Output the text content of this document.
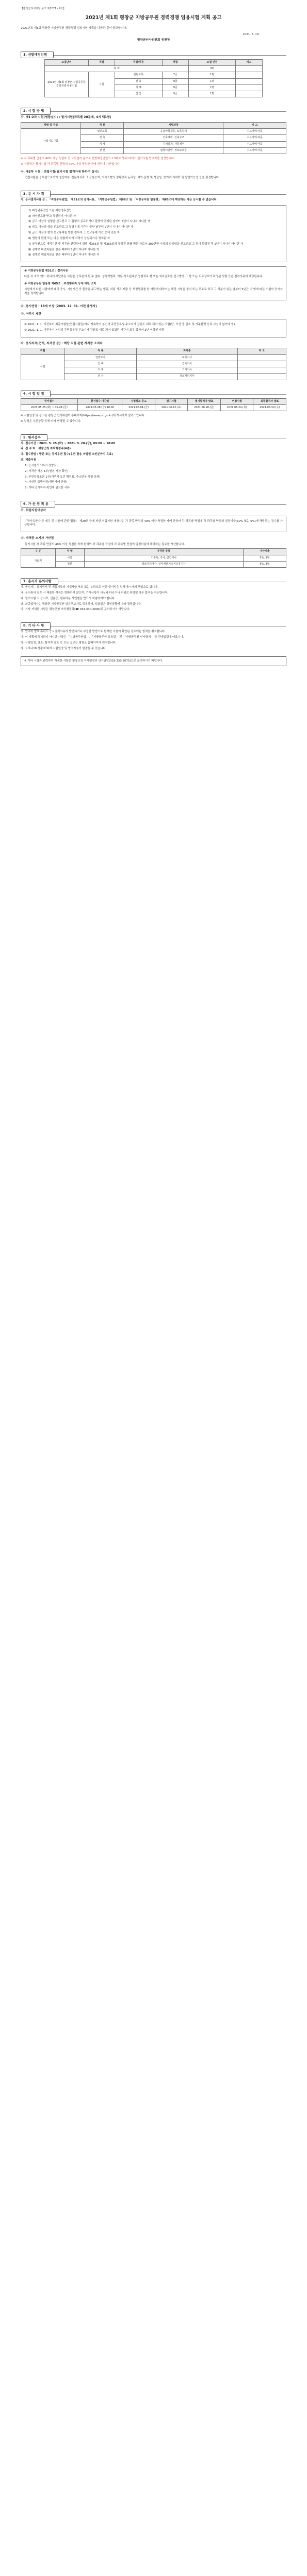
【평창군지식재단 공고 제2021 - 9호】
2021년 제1회 평창군 지방공무원 경력경쟁 임용시험 계획 공고
2021년도 제1회 평창군 지방공무원 경력경쟁 임용시험 계획을 다음과 같이 공고합니다.
2021. 5. 10.
평창군인사위원회 위원장
1. 선발예정인원
모집단위	직렬	직렬/직류	직급	모집 인원	비고
총 계				4명	
2021년 제1회 평창군 지방공무원 경력경쟁 임용시험	시설	일반토목	7급	1명	
		건 축	9급	1명	
		기 계	9급	1명	
		전 산	9급	1명	
2. 시 험 방 법
가. 제1·2차 시험(병합실시) : 필기시험(과목별 20문제, 4지 택1형)
직렬 및 직급	직 류	시험과목	비 고
사업지도 7급	일반토목	응용역학개론, 토목설계	수요자에 따름
	건 축	건축계획, 건축구조	수요자에 따름
	기 계	기계설계, 자동제어	수요자에 따름
	전 산	컴퓨터일반, 정보보호론	수요자에 따름
※ 각 과목별 만점의 40% 이상 득점자 중 고득점자 순으로 선발예정인원의 1.5배수 범위 내에서 필기시험 합격자를 결정합니다.
※ 가산점은 필기시험 각 과목별 만점의 40% 이상 득점한 자에 한하여 가산합니다.
나. 제3차 시험 : 면접시험(필기시험 합격자에 한하여 실시)
면접시험은 공무원으로서의 정신자세, 전문지식과 그 응용능력, 의사표현의 정확성과 논리성, 예의·품행 및 성실성, 창의력·의지력 및 발전가능성 등을 평정합니다.
3. 응 시 자 격
가. 응시결격사유 등 : 「지방공무원법」 제31조의 결격사유, 「지방공무원법」 제66조 및 「지방공무원 임용령」 제65조에 해당하는 자는 응시할 수 없습니다.
1) 피성년후견인 또는 피한정후견인
2) 파산선고를 받고 복권되지 아니한 자
3) 금고 이상의 실형을 선고받고 그 집행이 종료되거나 집행이 면제된 날부터 5년이 지나지 아니한 자
4) 금고 이상의 형을 선고받고 그 집행유예 기간이 끝난 날부터 2년이 지나지 아니한 자
5) 금고 이상의 형의 선고유예를 받은 경우에 그 선고유예 기간 중에 있는 자
6) 법원의 판결 또는 다른 법률에 따라 자격이 상실되거나 정지된 자
7) 공무원으로 재직기간 중 직무와 관련하여 형법 제355조 및 제356조에 규정된 죄를 범한 자로서 300만원 이상의 벌금형을 선고받고 그 형이 확정된 후 2년이 지나지 아니한 자
8) 징계로 파면처분을 받은 때부터 5년이 지나지 아니한 자
9) 징계로 해임처분을 받은 때부터 3년이 지나지 아니한 자
※ 지방공무원법 제31조 : 결격사유
다음 각 호의 어느 하나에 해당하는 사람은 공무원이 될 수 없다. 성폭력범죄, 아동·청소년대상 성범죄로 형 또는 치료감호를 선고받아 그 형 또는 치료감호가 확정된 사람 등은 결격사유에 해당됩니다.
※ 지방공무원 임용령 제65조 : 부정행위자 등에 대한 조치
시험에서 다른 사람에게 대리 응시, 시험시간 중 물품을 주고받는 행위, 허위 서류 제출 등 부정행위를 한 사람에 대하여는 해당 시험을 정지 또는 무효로 하고 그 처분이 있은 날부터 5년간 이 영에 따른 시험의 응시자격을 정지합니다.
나. 응시연령 : 18세 이상 (2003. 12. 31. 이전 출생자)
다. 거주지 제한
① 2021. 1. 1. 이전부터 최종시험일(면접시험일)까지 계속하여 본인의 주민등록상 주소지가 강원도 내로 되어 있는 사람(단, 기간 중 말소 및 거주불명 등록 사실이 없어야 함)
② 2021. 1. 1. 이전까지 본인의 주민등록상 주소지가 강원도 내로 되어 있었던 기간이 모두 합하여 3년 이상인 사람
라. 응시자격(면허, 자격증 등) : 해당 직렬 관련 자격증 소지자
직렬	직 류	자격증	비 고
시설	일반토목	토목기사	
	건 축	건축기사	
	기 계	기계기사	
	전 산	정보처리기사	
4. 시 험 일 정
원서접수	원서접수 마감일	시험장소 공고	필기시험	필기합격자 발표	면접시험	최종합격자 발표
2021.05.25.(화) ~ 05.28.(금)	2021.05.28.(금) 18:00	2021.06.04.(금)	2021.06.12.(토)	2021.06.18.(금)	2021.06.24.(목)	2021.06.30.(수)
※ 시험일정 및 장소는 평창군 인사위원회 홈페이지(https://www.pc.go.kr)에 게시하여 알려드립니다.
※ 일정은 추진상황 등에 따라 변경될 수 있습니다.
5. 원서접수
가. 접수기간 : 2021. 5. 25.(화) ~ 2021. 5. 28.(금), 09:00 ~ 18:00
나. 접 수 처 : 평창군청 자치행정과(4층)
다. 접수방법 : 방문 또는 등기우편 접수(우편 발송 마감일 소인분까지 유효)
라. 제출서류
1) 응시원서 1부(소정양식)
2) 자격증 사본 1부(원본 지참 확인)
3) 주민등록초본 1부(거주지 요건 확인용, 주소변동 사항 포함)
4) 가산점 증빙서류(해당자에 한함)
5) 기타 응시자격 확인에 필요한 서류
6. 가 산 점 적 용
가. 취업지원대상자
「국가유공자 등 예우 및 지원에 관한 법률」 제29조 등에 의한 취업지원 대상자는 각 과목 만점의 40% 이상 득점한 자에 한하여 각 과목별 득점에 각 과목별 만점의 일정비율(10% 또는 5%)에 해당하는 점수를 가산합니다.
나. 자격증 소지자 가산점
필기시험 각 과목 만점의 40% 이상 득점한 자에 한하여 각 과목별 득점에 각 과목별 만점의 일정비율에 해당하는 점수를 가산합니다.
구 분	직 렬	자격증 종류	가산비율
기술직	시설	기술사, 기사, 산업기사	5%, 3%
	전산	정보처리기사, 전자계산기조직응용기사	5%, 3%
7. 응시자 유의사항
가. 응시자는 응시원서 및 제출서류의 기재사항 착오 또는 누락으로 인한 불이익은 일체 응시자의 책임으로 합니다.
나. 응시원서 접수 시 제출한 서류는 반환하지 않으며, 기재사항이 사실과 다르거나 허위로 판명될 경우 합격을 취소합니다.
다. 필기시험 시 응시표, 신분증, 컴퓨터용 사인펜을 반드시 지참하여야 합니다.
라. 최종합격자는 평창군 지방공무원 임용후보자로 등록하며, 임용일은 결원상황에 따라 결정합니다.
마. 기타 자세한 사항은 평창군청 자치행정과(☎ 033-330-2000)로 문의하시기 바랍니다.
8. 기 타 사 항
가. 합격자 발표 후라도 응시결격사유가 발견되거나 부정한 방법으로 합격한 사실이 확인된 경우에는 합격을 취소합니다.
나. 이 계획에 명시되지 아니한 사항은 「지방공무원법」, 「지방공무원 임용령」 및 「지방공무원 인사규칙」 등 관계법령에 따릅니다.
다. 시험일정, 장소, 합격자 발표 등 모든 공고는 평창군 홈페이지에 게시합니다.
라. 코로나19 상황에 따라 시험일정 및 방역지침이 변경될 수 있습니다.
※ 기타 시험과 관련하여 자세한 사항은 평창군청 자치행정과 인사담당(033-330-2075)으로 문의하시기 바랍니다.
